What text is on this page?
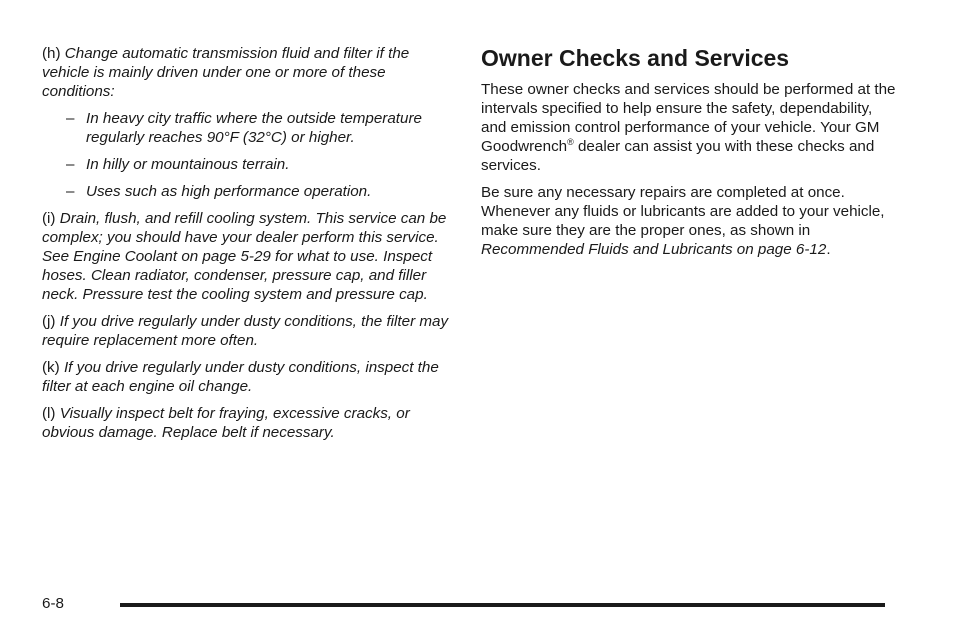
(h) Change automatic transmission fluid and filter if the vehicle is mainly driven under one or more of these conditions:

– In heavy city traffic where the outside temperature regularly reaches 90°F (32°C) or higher.
– In hilly or mountainous terrain.
– Uses such as high performance operation.

(i) Drain, flush, and refill cooling system. This service can be complex; you should have your dealer perform this service. See Engine Coolant on page 5-29 for what to use. Inspect hoses. Clean radiator, condenser, pressure cap, and filler neck. Pressure test the cooling system and pressure cap.

(j) If you drive regularly under dusty conditions, the filter may require replacement more often.

(k) If you drive regularly under dusty conditions, inspect the filter at each engine oil change.

(l) Visually inspect belt for fraying, excessive cracks, or obvious damage. Replace belt if necessary.

Owner Checks and Services

These owner checks and services should be performed at the intervals specified to help ensure the safety, dependability, and emission control performance of your vehicle. Your GM Goodwrench® dealer can assist you with these checks and services.

Be sure any necessary repairs are completed at once. Whenever any fluids or lubricants are added to your vehicle, make sure they are the proper ones, as shown in Recommended Fluids and Lubricants on page 6-12.

6-8
